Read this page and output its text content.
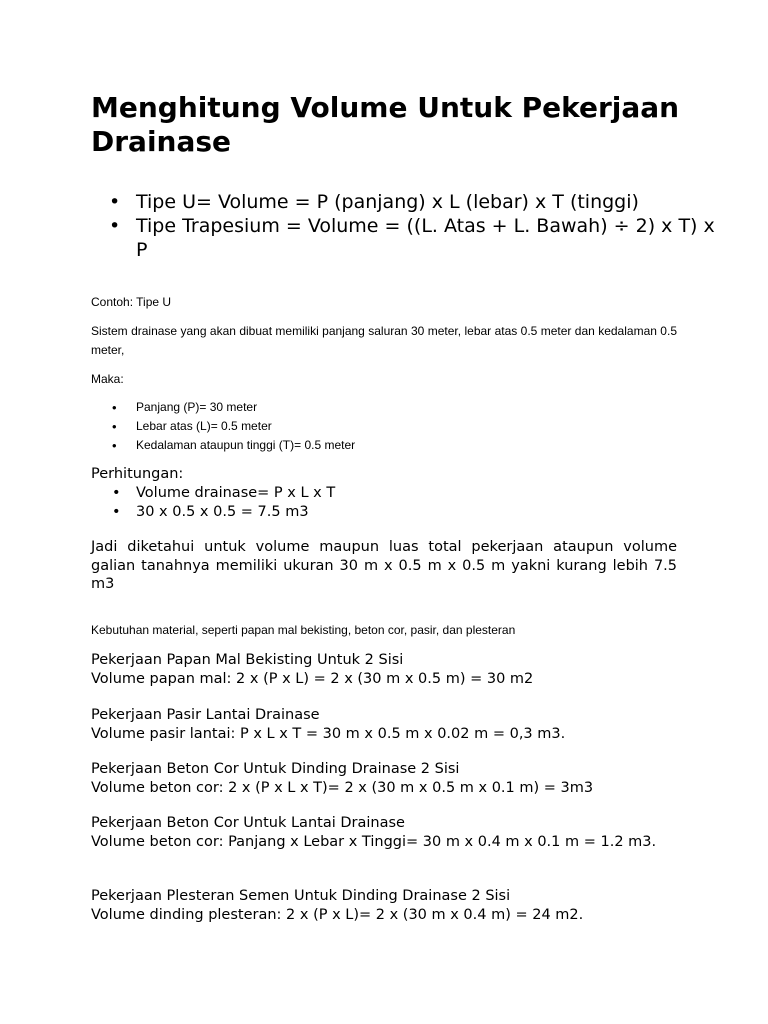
Menghitung Volume Untuk Pekerjaan Drainase
• Tipe U= Volume = P (panjang) x L (lebar) x T (tinggi)
• Tipe Trapesium = Volume = ((L. Atas + L. Bawah) ÷ 2) x T) x P

Contoh: Tipe U

Sistem drainase yang akan dibuat memiliki panjang saluran 30 meter, lebar atas 0.5 meter dan kedalaman 0.5 meter,

Maka:

• Panjang (P)= 30 meter
• Lebar atas (L)= 0.5 meter
• Kedalaman ataupun tinggi (T)= 0.5 meter

Perhitungan:

• Volume drainase= P x L x T
• 30 x 0.5 x 0.5 = 7.5 m3

Jadi diketahui untuk volume maupun luas total pekerjaan ataupun volume galian tanahnya memiliki ukuran 30 m x 0.5 m x 0.5 m yakni kurang lebih 7.5 m3

Kebutuhan material, seperti papan mal bekisting, beton cor, pasir, dan plesteran

Pekerjaan Papan Mal Bekisting Untuk 2 Sisi
Volume papan mal: 2 x (P x L) = 2 x (30 m x 0.5 m) = 30 m2
Pekerjaan Pasir Lantai Drainase
Volume pasir lantai: P x L x T = 30 m x 0.5 m x 0.02 m = 0,3 m3.
Pekerjaan Beton Cor Untuk Dinding Drainase 2 Sisi
Volume beton cor: 2 x (P x L x T)= 2 x (30 m x 0.5 m x 0.1 m) = 3m3
Pekerjaan Beton Cor Untuk Lantai Drainase
Volume beton cor: Panjang x Lebar x Tinggi= 30 m x 0.4 m x 0.1 m = 1.2 m3.
Pekerjaan Plesteran Semen Untuk Dinding Drainase 2 Sisi
Volume dinding plesteran: 2 x (P x L)= 2 x (30 m x 0.4 m) = 24 m2.
